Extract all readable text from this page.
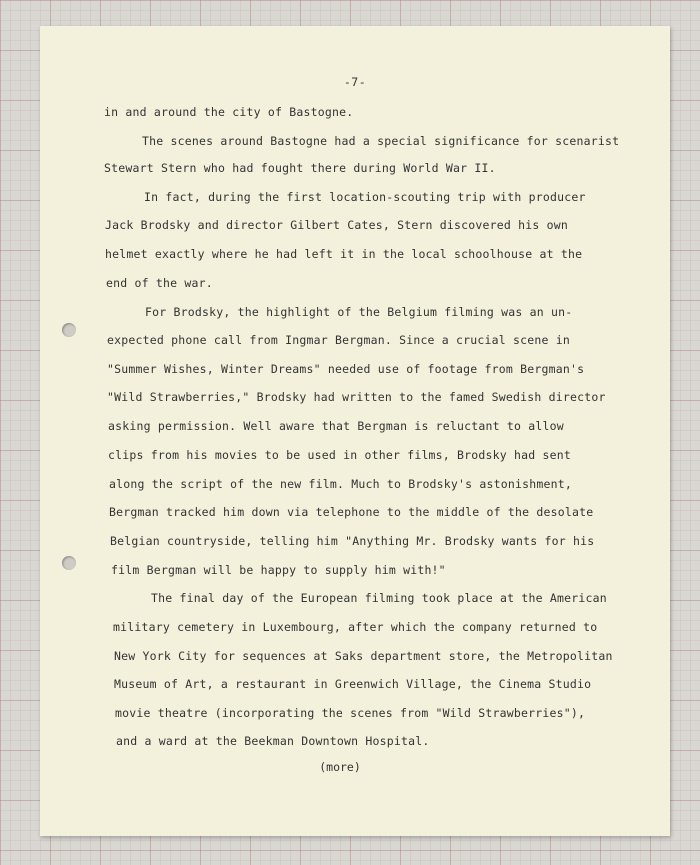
-7-
in and around the city of Bastogne.
The scenes around Bastogne had a special significance for scenarist
Stewart Stern who had fought there during World War II.
In fact, during the first location-scouting trip with producer
Jack Brodsky and director Gilbert Cates, Stern discovered his own
helmet exactly where he had left it in the local schoolhouse at the
end of the war.
For Brodsky, the highlight of the Belgium filming was an un-
expected phone call from Ingmar Bergman. Since a crucial scene in
"Summer Wishes, Winter Dreams" needed use of footage from Bergman's
"Wild Strawberries," Brodsky had written to the famed Swedish director
asking permission. Well aware that Bergman is reluctant to allow
clips from his movies to be used in other films, Brodsky had sent
along the script of the new film. Much to Brodsky's astonishment,
Bergman tracked him down via telephone to the middle of the desolate
Belgian countryside, telling him "Anything Mr. Brodsky wants for his
film Bergman will be happy to supply him with!"
The final day of the European filming took place at the American
military cemetery in Luxembourg, after which the company returned to
New York City for sequences at Saks department store, the Metropolitan
Museum of Art, a restaurant in Greenwich Village, the Cinema Studio
movie theatre (incorporating the scenes from "Wild Strawberries"),
and a ward at the Beekman Downtown Hospital.
(more)
